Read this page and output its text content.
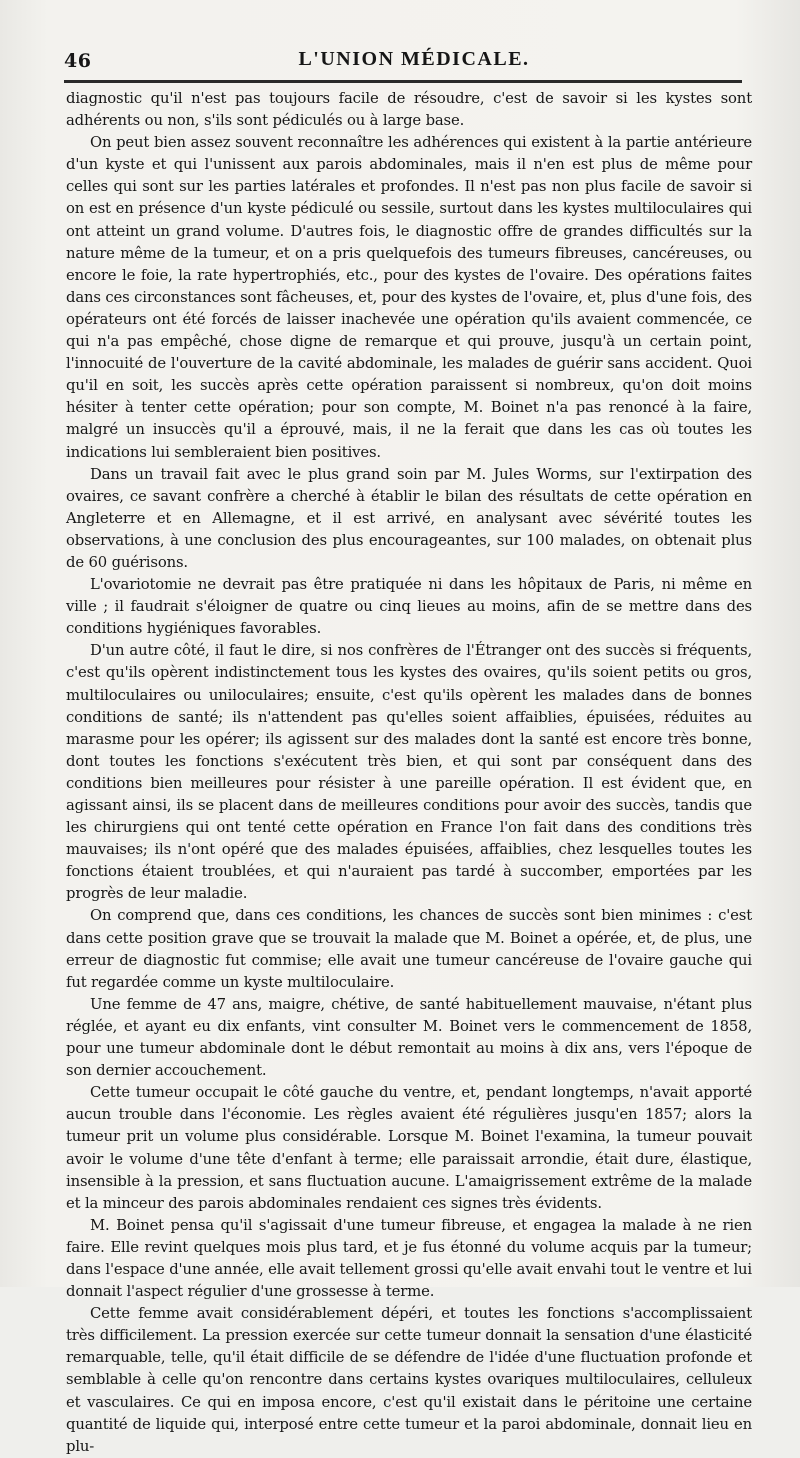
46	L'UNION MÉDICALE.

diagnostic qu'il n'est pas toujours facile de résoudre, c'est de savoir si les kystes sont adhérents ou non, s'ils sont pédiculés ou à large base.

On peut bien assez souvent reconnaître les adhérences qui existent à la partie antérieure d'un kyste et qui l'unissent aux parois abdominales, mais il n'en est plus de même pour celles qui sont sur les parties latérales et profondes. Il n'est pas non plus facile de savoir si on est en présence d'un kyste pédiculé ou sessile, surtout dans les kystes multiloculaires qui ont atteint un grand volume. D'autres fois, le diagnostic offre de grandes difficultés sur la nature même de la tumeur, et on a pris quelquefois des tumeurs fibreuses, cancéreuses, ou encore le foie, la rate hypertrophiés, etc., pour des kystes de l'ovaire. Des opérations faites dans ces circonstances sont fâcheuses, et, pour des kystes de l'ovaire, et, plus d'une fois, des opérateurs ont été forcés de laisser inachevée une opération qu'ils avaient commencée, ce qui n'a pas empêché, chose digne de remarque et qui prouve, jusqu'à un certain point, l'innocuité de l'ouverture de la cavité abdominale, les malades de guérir sans accident. Quoi qu'il en soit, les succès après cette opération paraissent si nombreux, qu'on doit moins hésiter à tenter cette opération; pour son compte, M. Boinet n'a pas renoncé à la faire, malgré un insuccès qu'il a éprouvé, mais, il ne la ferait que dans les cas où toutes les indications lui sembleraient bien positives.

Dans un travail fait avec le plus grand soin par M. Jules Worms, sur l'extirpation des ovaires, ce savant confrère a cherché à établir le bilan des résultats de cette opération en Angleterre et en Allemagne, et il est arrivé, en analysant avec sévérité toutes les observations, à une conclusion des plus encourageantes, sur 100 malades, on obtenait plus de 60 guérisons.

L'ovariotomie ne devrait pas être pratiquée ni dans les hôpitaux de Paris, ni même en ville ; il faudrait s'éloigner de quatre ou cinq lieues au moins, afin de se mettre dans des conditions hygiéniques favorables.

D'un autre côté, il faut le dire, si nos confrères de l'Étranger ont des succès si fréquents, c'est qu'ils opèrent indistinctement tous les kystes des ovaires, qu'ils soient petits ou gros, multiloculaires ou uniloculaires; ensuite, c'est qu'ils opèrent les malades dans de bonnes conditions de santé; ils n'attendent pas qu'elles soient affaiblies, épuisées, réduites au marasme pour les opérer; ils agissent sur des malades dont la santé est encore très bonne, dont toutes les fonctions s'exécutent très bien, et qui sont par conséquent dans des conditions bien meilleures pour résister à une pareille opération. Il est évident que, en agissant ainsi, ils se placent dans de meilleures conditions pour avoir des succès, tandis que les chirurgiens qui ont tenté cette opération en France l'on fait dans des conditions très mauvaises; ils n'ont opéré que des malades épuisées, affaiblies, chez lesquelles toutes les fonctions étaient troublées, et qui n'auraient pas tardé à succomber, emportées par les progrès de leur maladie.

On comprend que, dans ces conditions, les chances de succès sont bien minimes : c'est dans cette position grave que se trouvait la malade que M. Boinet a opérée, et, de plus, une erreur de diagnostic fut commise; elle avait une tumeur cancéreuse de l'ovaire gauche qui fut regardée comme un kyste multiloculaire.

Une femme de 47 ans, maigre, chétive, de santé habituellement mauvaise, n'étant plus réglée, et ayant eu dix enfants, vint consulter M. Boinet vers le commencement de 1858, pour une tumeur abdominale dont le début remontait au moins à dix ans, vers l'époque de son dernier accouchement.

Cette tumeur occupait le côté gauche du ventre, et, pendant longtemps, n'avait apporté aucun trouble dans l'économie. Les règles avaient été régulières jusqu'en 1857; alors la tumeur prit un volume plus considérable. Lorsque M. Boinet l'examina, la tumeur pouvait avoir le volume d'une tête d'enfant à terme; elle paraissait arrondie, était dure, élastique, insensible à la pression, et sans fluctuation aucune. L'amaigrissement extrême de la malade et la minceur des parois abdominales rendaient ces signes très évidents.

M. Boinet pensa qu'il s'agissait d'une tumeur fibreuse, et engagea la malade à ne rien faire. Elle revint quelques mois plus tard, et je fus étonné du volume acquis par la tumeur; dans l'espace d'une année, elle avait tellement grossi qu'elle avait envahi tout le ventre et lui donnait l'aspect régulier d'une grossesse à terme.

Cette femme avait considérablement dépéri, et toutes les fonctions s'accomplissaient très difficilement. La pression exercée sur cette tumeur donnait la sensation d'une élasticité remarquable, telle, qu'il était difficile de se défendre de l'idée d'une fluctuation profonde et semblable à celle qu'on rencontre dans certains kystes ovariques multiloculaires, celluleux et vasculaires. Ce qui en imposa encore, c'est qu'il existait dans le péritoine une certaine quantité de liquide qui, interposé entre cette tumeur et la paroi abdominale, donnait lieu en plu-
